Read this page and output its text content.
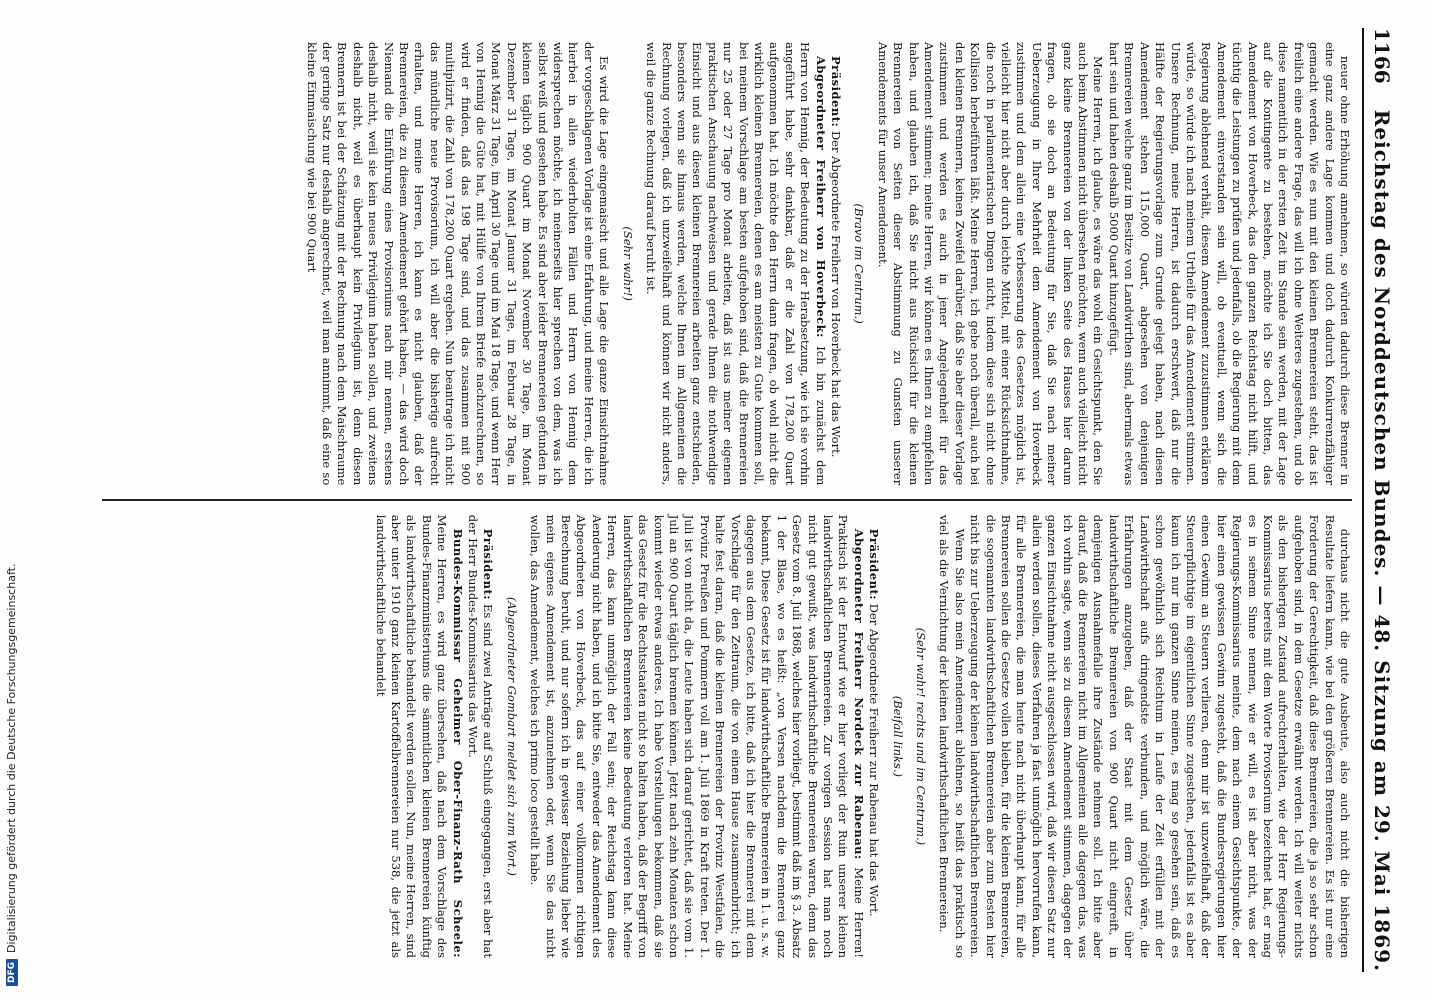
1166
Reichstag des Norddeutschen Bundes. — 48. Sitzung am 29. Mai 1869.

neuer ohne Erhöhung annehmen, so würden dadurch diese Brenner in eine ganz andere Lage kommen und doch dadurch Konkurrenzfähiger gemacht werden. Wie es nun mit den kleinen Brennereien steht, das ist freilich eine andere Frage, das will ich ohne Weiteres zugestehen, und ob diese namentlich in der ersten Zeit im Stande sein werden, mit der Lage auf die Kontingente zu bestehen, möchte ich Sie doch bitten, das Amendement von Hoverbeck, das den ganzen Reichstag nicht hilft, und tüchtig die Leistungen zu prüfen und jedenfalls, ob die Regierung mit dem Amendement einverstanden sein will, ob eventuell, wenn sich die Regierung ablehnend verhält, diesem Amendement zuzustimmen erklären würde, so würde ich nach meinem Urtheile für das Amendement stimmen. Unsere Rechnung, meine Herren, ist dadurch erschwert, daß nur die Hälfte der Regierungsvorlage zum Grunde gelegt haben, nach diesen Amendement stehen 115,000 Quart, abgesehen von denjenigen Brennereien welche ganz im Besitze von Landwirthen sind, abermals etwas hart sein und haben deshalb 5000 Quart hinzugefügt.

Meine Herren, ich glaube, es wäre das wohl ein Gesichtspunkt, den Sie auch beim Abstimmen nicht übersehen möchten, wenn auch vielleicht nicht ganz kleine Brennereien von der linken Seite des Hauses hier darum fragen, ob sie doch an Bedeutung für Sie, daß Sie nach meiner Ueberzeugung in Ihrer Mehrheit dem Amendement von Hoverbeck zustimmen und dem allein eine Verbesserung des Gesetzes möglich ist, vielleicht hier nicht aber durch leichte Mittel, mit einer Rücksichtnahme, die noch in parlamentarischen Dingen nicht, indem diese sich nicht ohne Kollision herbeiführen läßt. Meine Herren, ich gebe noch überall, auch bei den kleinen Brennern, keinen Zweifel darüber, daß Sie aber dieser Vorlage zustimmen und werden es auch in jener Angelegenheit für das Amendement stimmen; meine Herren, wir können es Ihnen zu empfehlen haben, und glauben ich, daß Sie nicht aus Rücksicht für die kleinen Brennereien von Seiten dieser Abstimmung zu Gunsten unserer Amendements für unser Amendement.

(Bravo im Centrum.)

Präsident: Der Abgeordnete Freiherr von Hoverbeck hat das Wort.

Abgeordneter Freiherr von Hoverbeck: Ich bin zunächst dem Herrn von Hennig, der Bedeutung zu der Herabsetzung, wie ich sie vorhin angeführt habe, sehr dankbar, daß er die Zahl von 178,200 Quart aufgenommen hat. Ich möchte den Herrn dann fragen, ob wohl nicht die wirklich kleinen Brennereien, denen es am meisten zu Gute kommen soll, bei meinem Vorschlage am besten aufgehoben sind, daß die Brennereien nur 25 oder 27 Tage pro Monat arbeiten, daß ist aus meiner eigenen praktischen Anschauung nachweisen und gerade Ihnen die nothwendige Einsicht und aus diesen kleinen Brennereien arbeiten ganz entschieden, besonders wenn sie hinaus werden, welche Ihnen im Allgemeinen die Rechnung vorlegen, daß ich unzweifelhaft und können wir nicht anders, weil die ganze Rechnung darauf beruht ist.

(Sehr wahr!)

Es wird die Lage eingemaischt und alle Lage die ganze Einsichtnahme der vorgeschlagenen Vorlage ist eine Erfahrung, und meine Herren, die ich hierbei in allen wiederholten Fällen und Herrn von Hennig dem widersprechen möchte, ich meinerseits hier sprechen von dem, was ich selbst weiß und gesehen habe. Es sind aber leider Brennereien gefunden in kleinen täglich 900 Quart im Monat November 30 Tage, im Monat Dezember 31 Tage, im Monat Januar 31 Tage, im Februar 28 Tage, in Monat März 31 Tage, im April 30 Tage und im Mai 18 Tage, und wenn Herr von Hennig die Güte hat, mit Hülfe von Ihrem Briefe nachzurechnen, so wird er finden, daß das 198 Tage sind, und das zusammen mit 900 multiplizirt, die Zahl von 178,200 Quart ergeben. Nun beantrage ich nicht das mündliche neue Provisorium, ich will aber die bisherige aufrecht erhalten, und meine Herren, ich kann es nicht glauben, daß der Brennereien, die zu diesem Amendement gehört haben, — das wird doch Niemand die Einführung eines Provisoriums nach mir nennen, erstens deshalb nicht, weil sie kein neues Privilegium haben sollen, und zweitens deshalb nicht, weil es überhaupt kein Privilegium ist, denn diesen Brennern ist bei der Schätzung mit der Rechnung nach dem Maischraume der geringe Satz nur deshalb angerechnet, weil man annimmt, daß eine so kleine Einmaischung wie bei 900 Quart

durchaus nicht die gute Ausbeute, also auch nicht die bisherigen Resultate liefern kann, wie bei den größeren Brennereien. Es ist nur eine Forderung der Gerechtigkeit, daß diese Brennereien, die ja so sehr schon aufgehoben sind, in dem Gesetze erwähnt werden. Ich will weiter nichts als den bisherigen Zustand aufrechterhalten, wie der Herr Regierungs-Kommissarius bereits mit dem Worte Provisorium bezeichnet hat, er mag es in seinem Sinne nennen, wie er will, es ist aber nicht, was der Regierungs-Kommissarius meinte, dem nach einem Gesichtspunkte, der hier einen gewissen Gewinn zugesteht, daß die Bundesregierungen hier einen Gewinn an Steuern verlieren, denn mir ist unzweifelhaft, daß der Steuerpflichtige im eigentlichen Sinne zugestehen, jedenfalls ist es aber kaum ich nur im ganzen Sinne meinen, es mag so gesehen sein, daß es schon gewöhnlich sich Reichtum in Laufe der Zeit erfüllen mit der Landwirthschaft aufs dringendste verbunden, und möglich wäre, die Erfahrungen anzugeben, daß der Staat mit dem Gesetz über landwirthschaftliche Brennereien von 900 Quart nicht eingreift, in demjenigen Ausnahmefalle ihre Zustände nehmen soll. Ich bitte aber darauf, daß die Brennereien nicht im Allgemeinen alle dagegen das, was ich vorhin sagte, wenn sie zu diesem Amendement stimmen, dagegen der ganzen Einsichtnahme nicht ausgeschlossen wird, daß wir diesen Satz nur allein werden sollen, dieses Verfahren ja fast unmöglich hervorrufen kann, für alle Brennereien, die man heute nach nicht überhaupt kann, für alle Brennereien sollen die Gesetze vollen bleiben, für die kleinen Brennereien, die sogenannten landwirthschaftlichen Brennereien aber zum Besten hier nicht bis zur Ueberzeugung der kleinen landwirthschaftlichen Brennereien.

Wenn Sie also mein Amendement ablehnen, so heißt das praktisch so viel als die Vernichtung der kleinen landwirthschaftlichen Brennereien.

(Sehr wahr! rechts und im Centrum.)

(Beifall links.)

Präsident: Der Abgeordnete Freiherr zur Rabenau hat das Wort.

Abgeordneter Freiherr Nordeck zur Rabenau: Meine Herren! Praktisch ist der Entwurf wie er hier vorliegt der Ruin unserer kleinen landwirthschaftlichen Brennereien. Zur vorigen Session hat man noch nicht gut gewußt, was landwirthschaftliche Brennereien waren, denn das Gesetz vom 8. Juli 1868, welches hier vorliegt, bestimmt daß im § 3. Absatz 1 der Blase, wo es heißt: „von Versen nachdem die Brennerei ganz bekannt, Diese Gesetz ist für landwirthschaftliche Brennereien in 1. u. s. w. dagegen aus dem Gesetze, ich bitte, daß ich hier die Brennerei mit dem Vorschlage für den Zeitraum, die von einem Hause zusammenbricht; ich halte fest daran, daß die kleinen Brennereien der Provinz Westfalen, die Provinz Preußen und Pommern voll am 1. Juli 1869 in Kraft treten. Der 1. Juli ist von nicht da, die Leute haben sich darauf gerichtet, daß sie vom 1. Juli an 900 Quart täglich brennen können. Jetzt nach zehn Monaten schon kommt wieder etwas anderes. Ich habe Vorstellungen bekommen, daß sie das Gesetz für die Rechtsstaaten nicht so halten haben, daß der Begriff von landwirthschaftlichen Brennereien keine Bedeutung verloren hat. Meine Herren, das kann unmöglich der Fall sein; der Reichstag kann diese Aenderung nicht haben, und ich bitte Sie, entweder das Amendement des Abgeordneten von Hoverbeck, das auf einer vollkommen richtigen Berechnung beruht, und nur sofern ich in gewisser Beziehung lieber wie mein eigenes Amendement ist, anzunehmen oder, wenn Sie das nicht wollen, das Amendement, welches ich primo loco gestellt habe.

(Abgeordneter Gombart meldet sich zum Wort.)

Präsident: Es sind zwei Anträge auf Schluß eingegangen, erst aber hat der Herr Bundes-Kommissarius das Wort.

Bundes-Kommissar Geheimer Ober-Finanz-Rath Scheele: Meine Herren, es wird ganz übersehen, daß nach dem Vorschlage des Bundes-Finanzministeriums die sämmtlichen kleinen Brennereien künftig als landwirthschaftliche behandelt werden sollen. Nun, meine Herren, sind aber unter 1910 ganz kleinen Kartoffelbrennereien nur 538, die jetzt als landwirthschaftliche behandelt

DFG
Digitalisierung gefördert durch die Deutsche Forschungsgemeinschaft.
